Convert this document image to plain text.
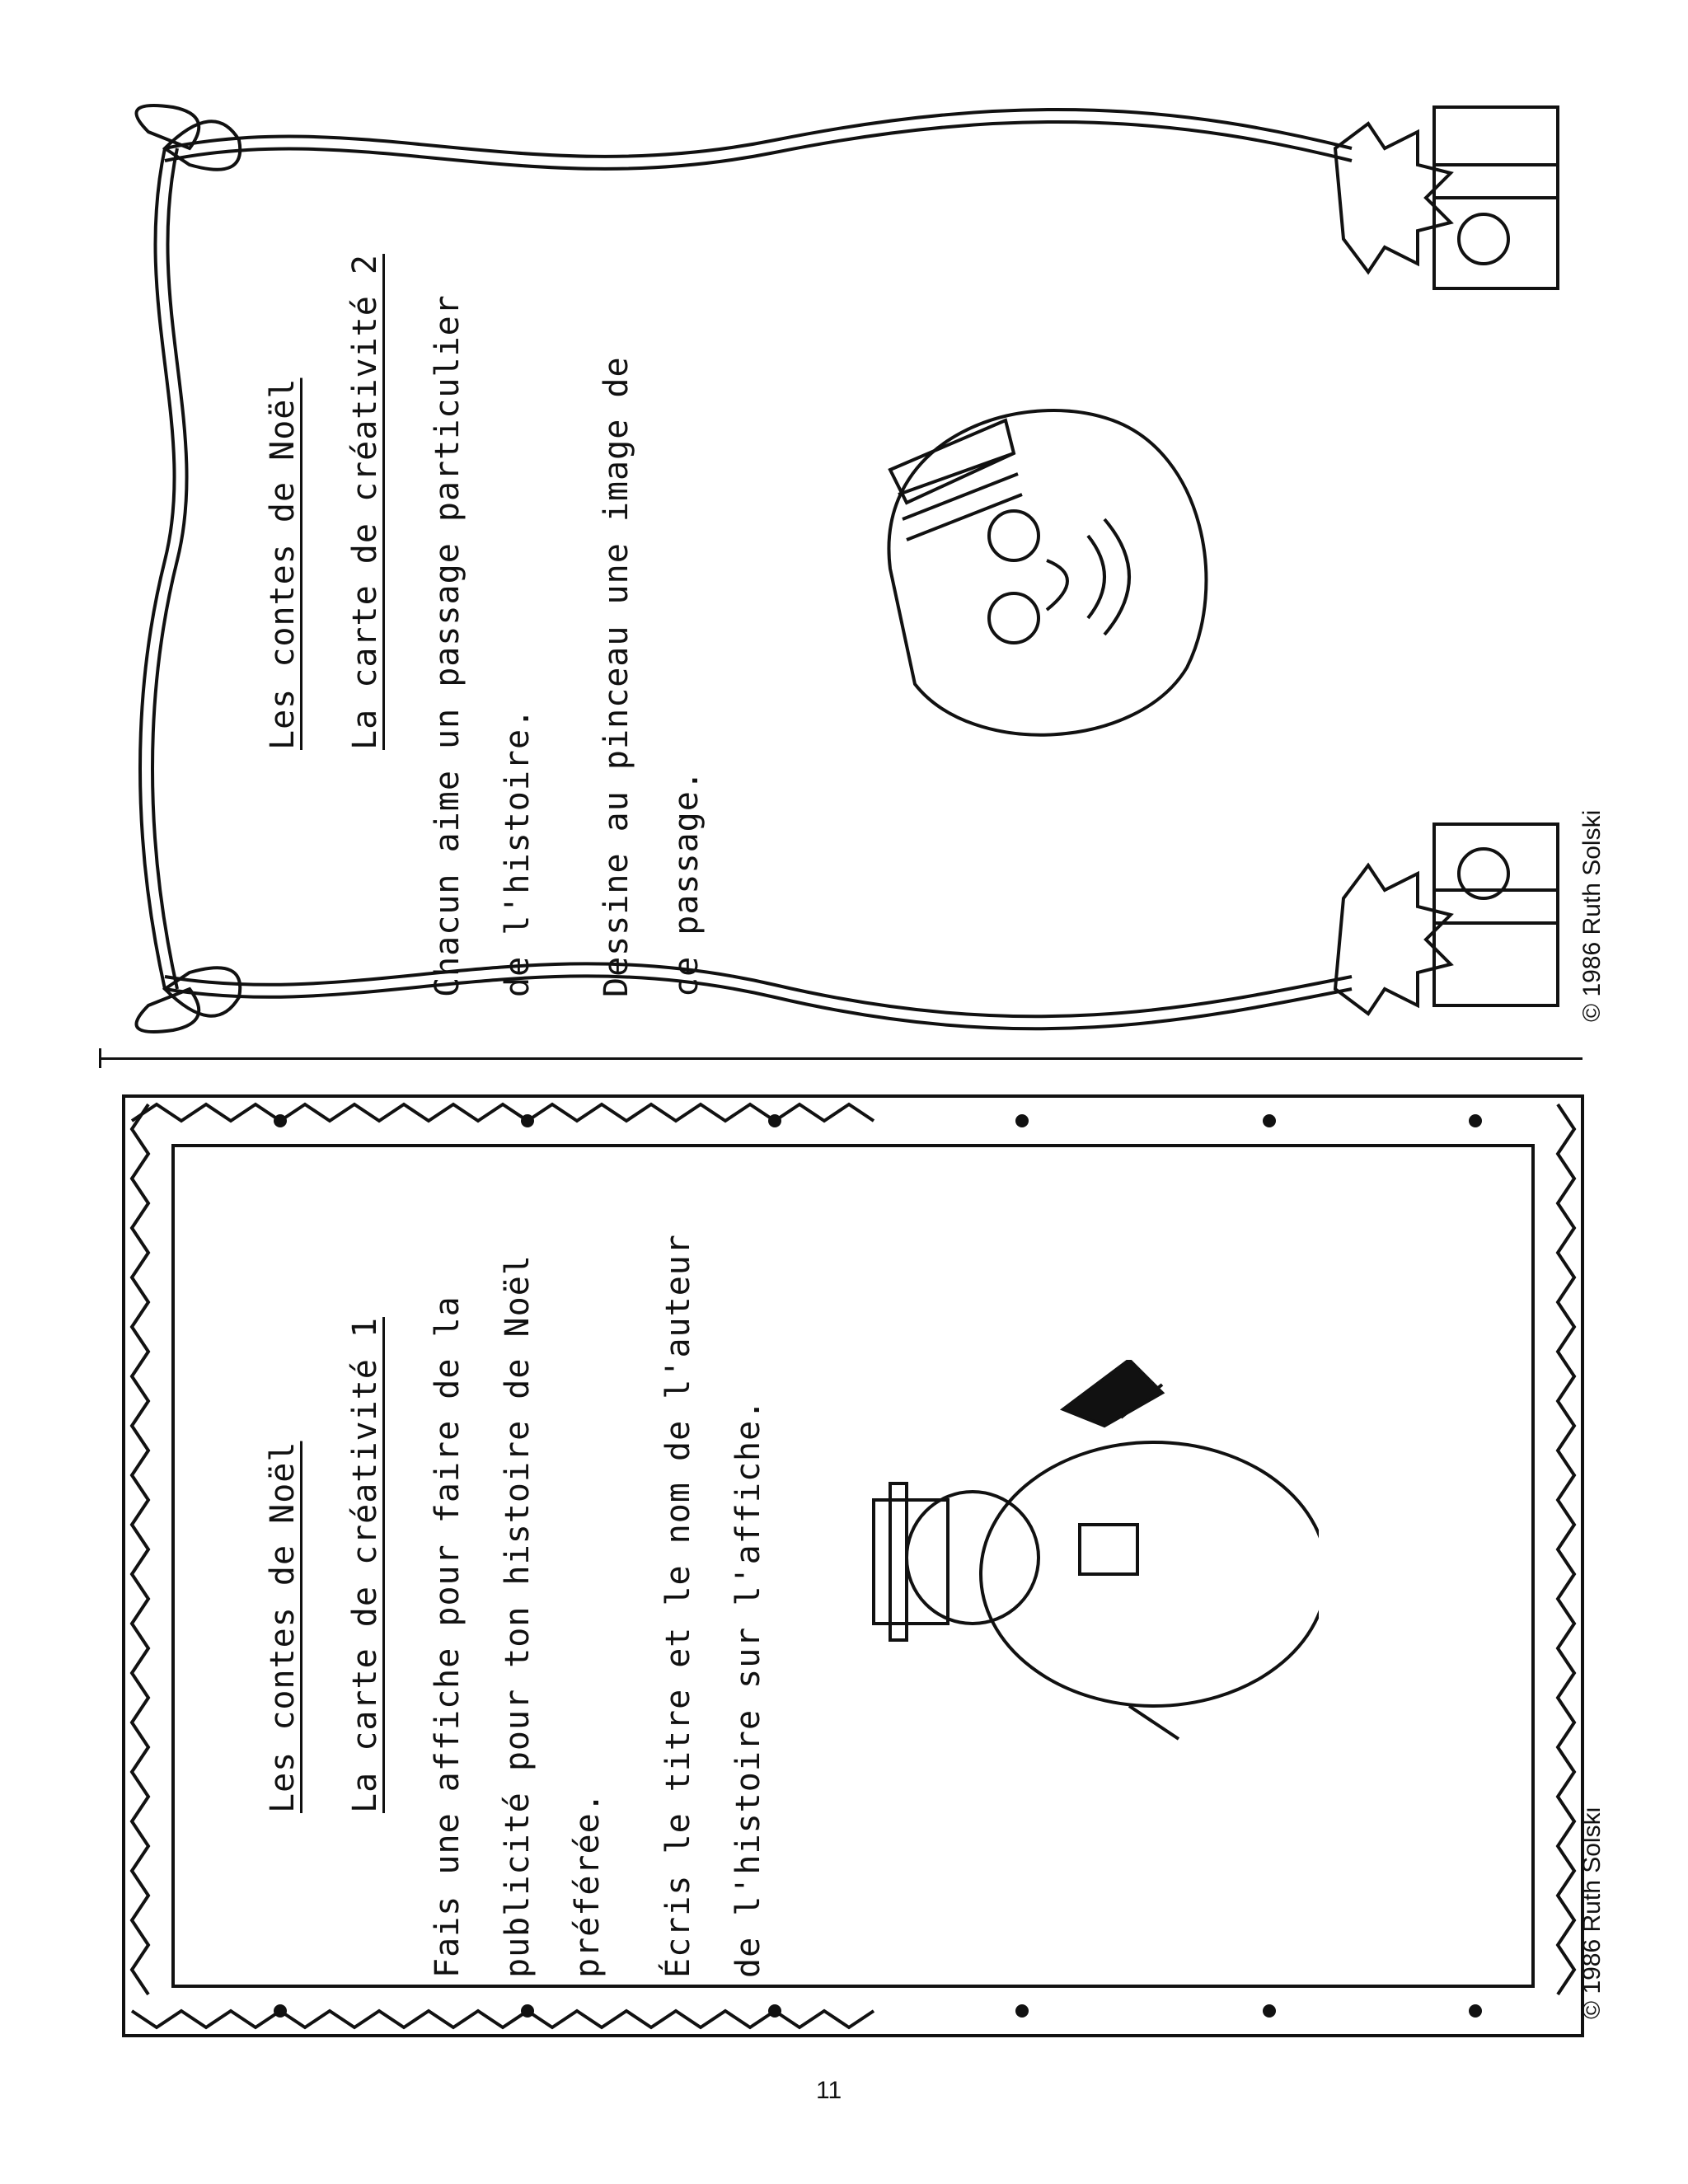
Les contes de Noël La carte de créativité 2 Chacun aime un passage particulier de l'histoire. Dessine au pinceau une image de ce passage.	© 1986 Ruth Solski
Les contes de Noël La carte de créativité 1 Fais une affiche pour faire de la publicité pour ton histoire de Noël préférée. Écris le titre et le nom de l'auteur de l'histoire sur l'affiche.	© 1986 Ruth Solski
11
